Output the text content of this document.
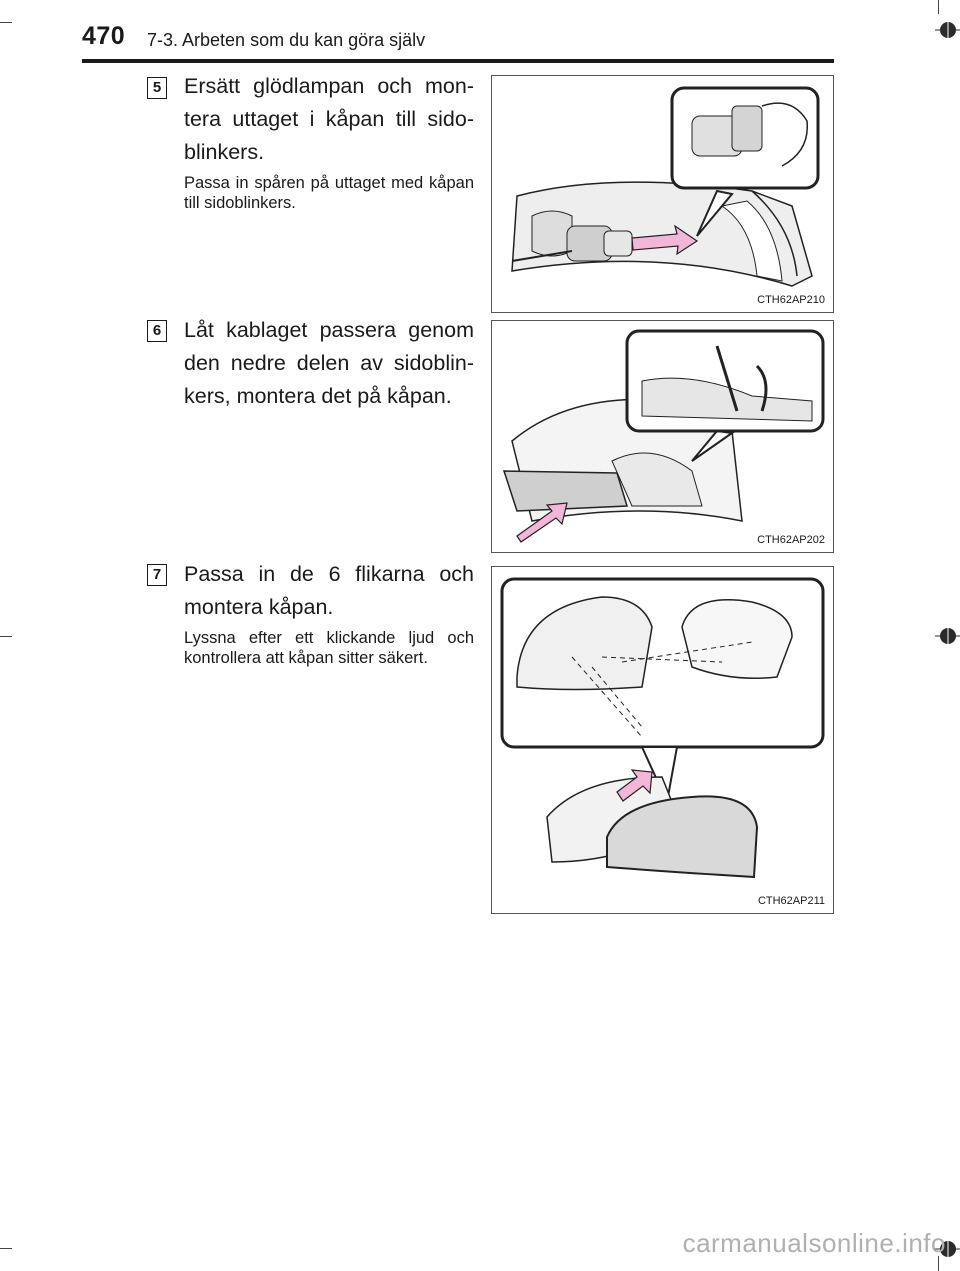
470 7-3. Arbeten som du kan göra själv
5 Ersätt glödlampan och mon-
tera uttaget i kåpan till sido-
blinkers.
Passa in spåren på uttaget med kåpan till sidoblinkers.
CTH62AP210
6 Låt kablaget passera genom
den nedre delen av sidoblin-
kers, montera det på kåpan.
CTH62AP202
7 Passa in de 6 flikarna och
montera kåpan.
Lyssna efter ett klickande ljud och kontrollera att kåpan sitter säkert.
CTH62AP211
carmanualsonline.info
